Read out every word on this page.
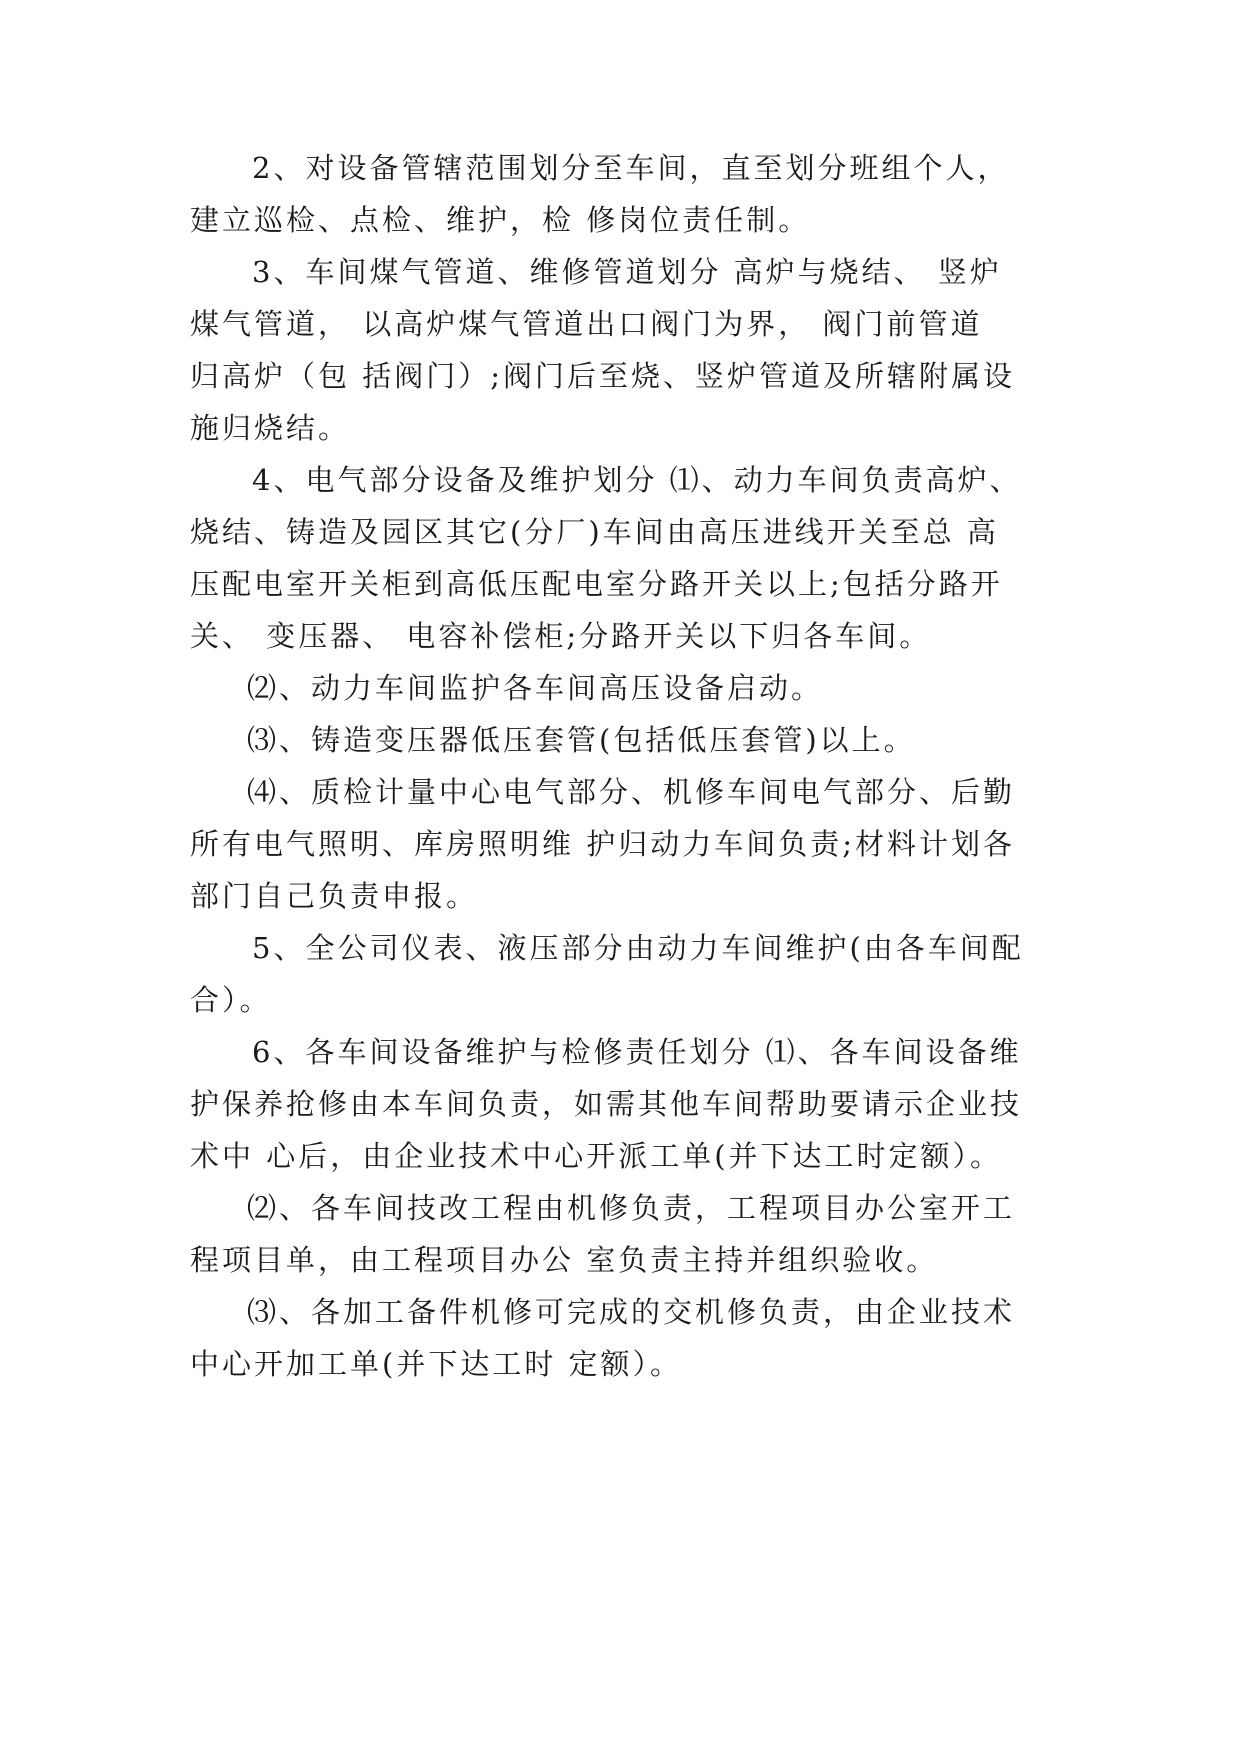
2、对设备管辖范围划分至车间，直至划分班组个人，
建立巡检、点检、维护，检 修岗位责任制。
3、车间煤气管道、维修管道划分 高炉与烧结、 竖炉
煤气管道， 以高炉煤气管道出口阀门为界， 阀门前管道
归高炉（包 括阀门）;阀门后至烧、竖炉管道及所辖附属设
施归烧结。
4、电气部分设备及维护划分 ⑴、动力车间负责高炉、
烧结、铸造及园区其它(分厂)车间由高压进线开关至总 高
压配电室开关柜到高低压配电室分路开关以上;包括分路开
关、 变压器、 电容补偿柜;分路开关以下归各车间。
⑵、动力车间监护各车间高压设备启动。
⑶、铸造变压器低压套管(包括低压套管)以上。
⑷、质检计量中心电气部分、机修车间电气部分、后勤
所有电气照明、库房照明维 护归动力车间负责;材料计划各
部门自己负责申报。
5、全公司仪表、液压部分由动力车间维护(由各车间配
合）。
6、各车间设备维护与检修责任划分 ⑴、各车间设备维
护保养抢修由本车间负责，如需其他车间帮助要请示企业技
术中 心后，由企业技术中心开派工单(并下达工时定额）。
⑵、各车间技改工程由机修负责，工程项目办公室开工
程项目单，由工程项目办公 室负责主持并组织验收。
⑶、各加工备件机修可完成的交机修负责，由企业技术
中心开加工单(并下达工时 定额）。
